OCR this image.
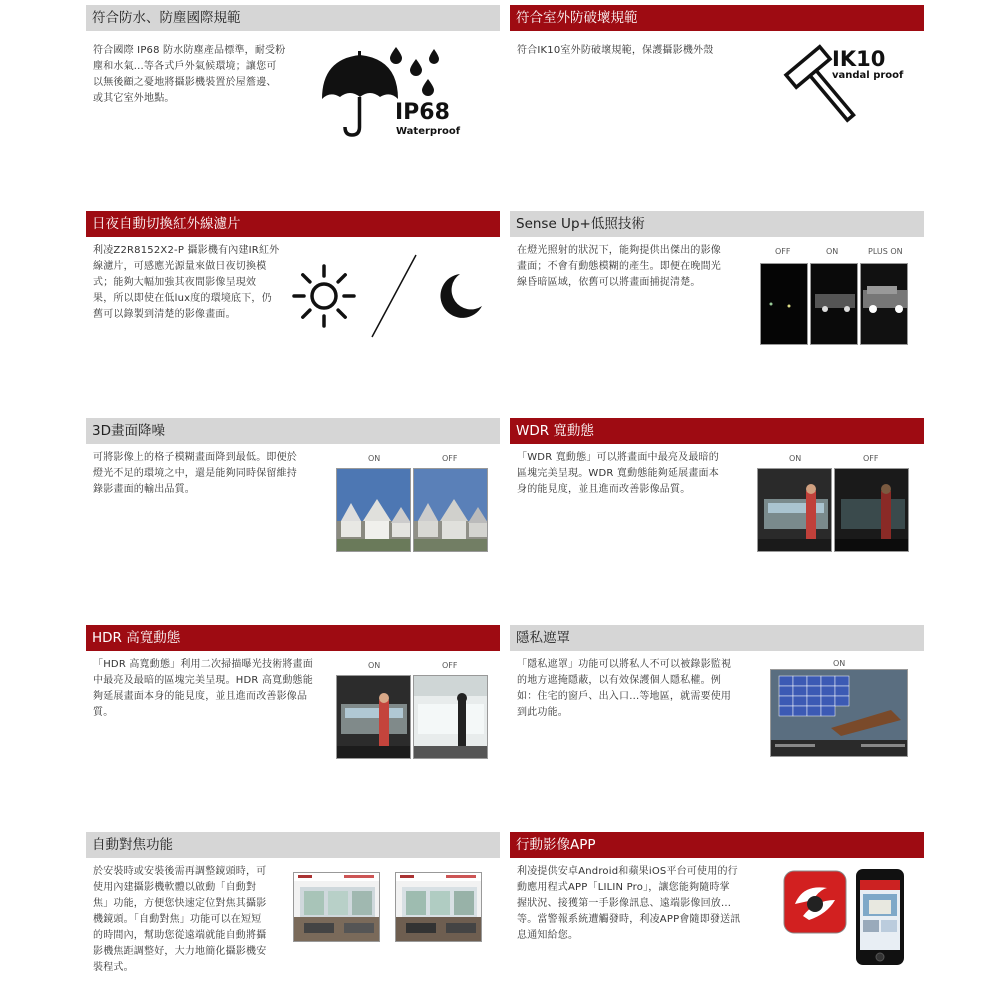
符合防水、防塵國際規範
符合國際 IP68 防水防塵產品標準，耐受粉
塵和水氣...等各式戶外氣候環境；讓您可
以無後顧之憂地將攝影機裝置於屋簷邊、
或其它室外地點。
IP68
Waterproof
符合室外防破壞規範
符合IK10室外防破壞規範，保護攝影機外殼	IK10
vandal proof
日夜自動切換紅外線濾片
利凌Z2R8152X2-P 攝影機有內建IR紅外
線濾片，可感應光源量來做日夜切換模
式；能夠大幅加強其夜間影像呈現效
果，所以即使在低lux度的環境底下，仍
舊可以錄製到清楚的影像畫面。
Sense Up+低照技術
在燈光照射的狀況下，能夠提供出傑出的影像
畫面；不會有動態模糊的產生。即便在晚間光
線昏暗區域，依舊可以將畫面捕捉清楚。
OFF	ON	PLUS ON
3D畫面降噪
可將影像上的格子模糊畫面降到最低。即便於
燈光不足的環境之中，還是能夠同時保留維持
錄影畫面的輸出品質。
ON	OFF
WDR 寬動態
「WDR 寬動態」可以將畫面中最亮及最暗的
區塊完美呈現。WDR 寬動態能夠延展畫面本
身的能見度，並且進而改善影像品質。
ON	OFF
HDR 高寬動態
「HDR 高寬動態」利用二次掃描曝光技術將畫面
中最亮及最暗的區塊完美呈現。HDR 高寬動態能
夠延展畫面本身的能見度，並且進而改善影像品
質。
ON	OFF
隱私遮罩
「隱私遮罩」功能可以將私人不可以被錄影監視
的地方遮掩隱蔽，以有效保護個人隱私權。例
如：住宅的窗戶、出入口...等地區，就需要使用
到此功能。
ON
自動對焦功能
於安裝時或安裝後需再調整鏡頭時，可
使用內建攝影機軟體以啟動「自動對
焦」功能，方便您快速定位對焦其攝影
機鏡頭。「自動對焦」功能可以在短短
的時間內，幫助您從遠端就能自動將攝
影機焦距調整好，大力地簡化攝影機安
裝程式。
行動影像APP
利凌提供安卓Android和蘋果iOS平台可使用的行
動應用程式APP「LILIN Pro」，讓您能夠隨時掌
握狀況、接獲第一手影像訊息、遠端影像回放...
等。當警報系統遭觸發時，利凌APP會隨即發送訊
息通知給您。
